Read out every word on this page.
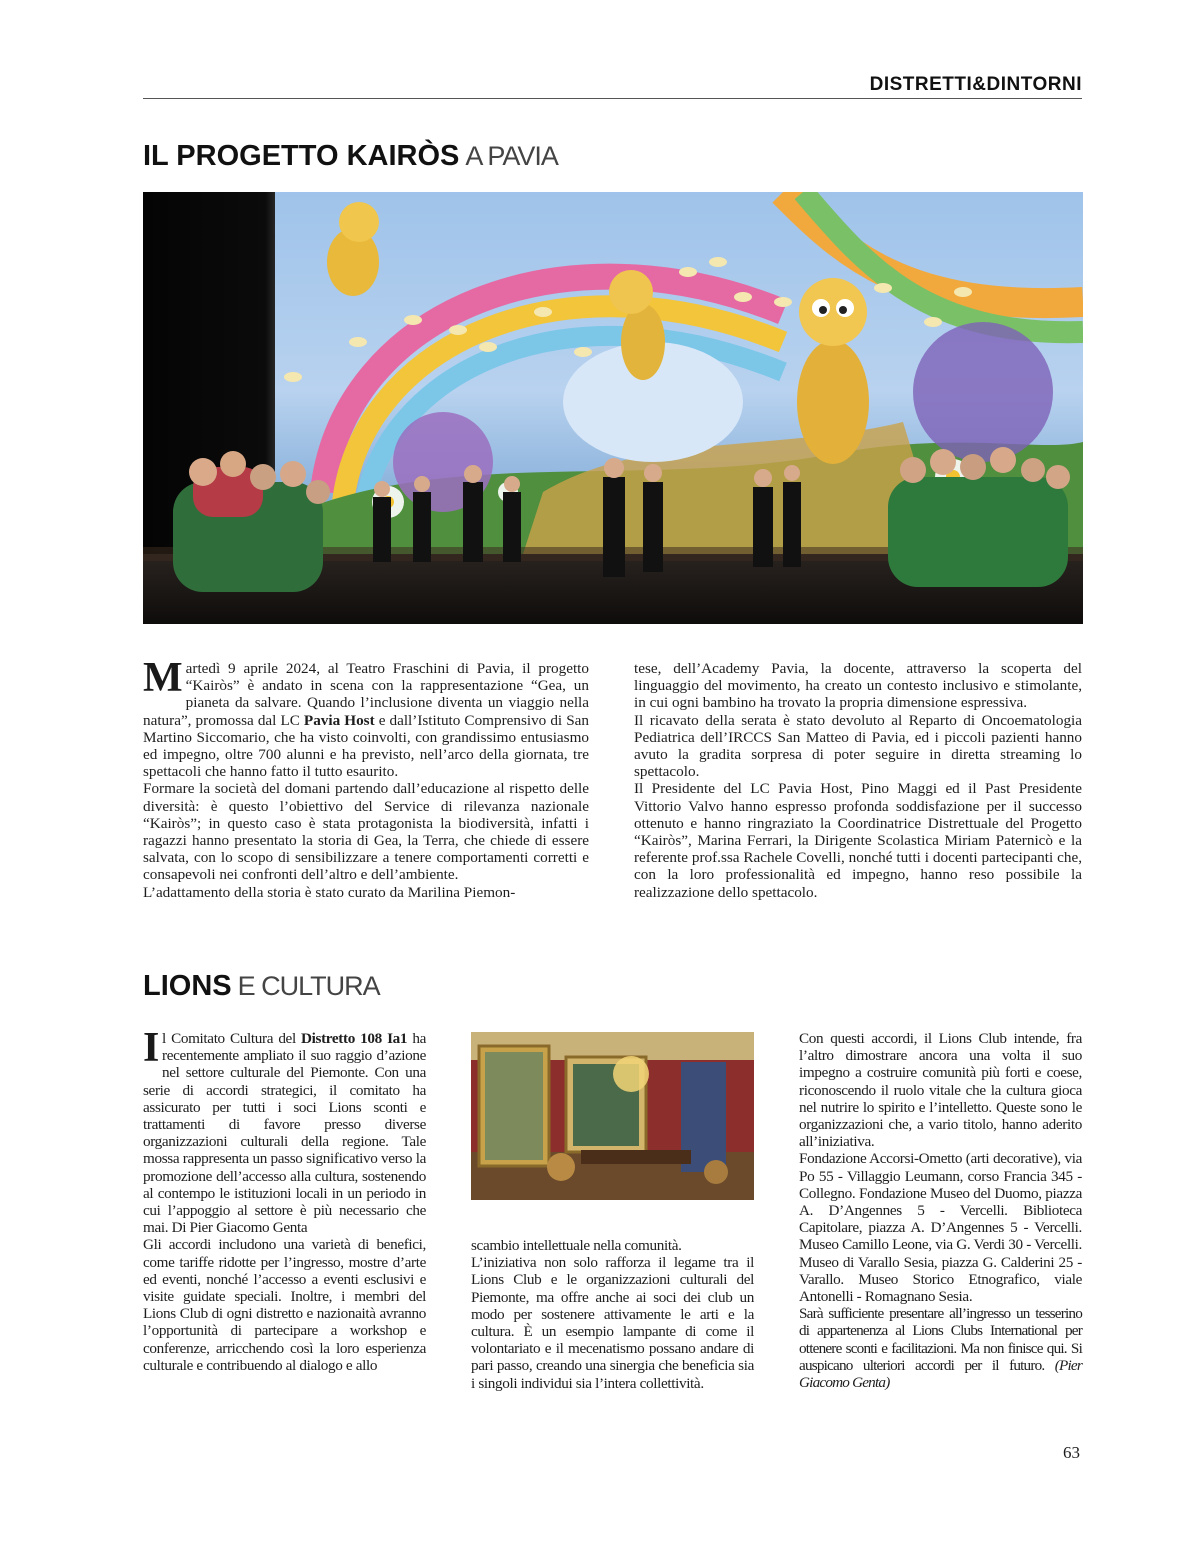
DISTRETTI&DINTORNI
IL PROGETTO KAIRÒS A PAVIA

Martedì 9 aprile 2024, al Teatro Fraschini di Pavia, il progetto “Kairòs” è andato in scena con la rappresentazione “Gea, un pianeta da salvare. Quando l’inclusione diventa un viaggio nella natura”, promossa dal LC Pavia Host e dall’Istituto Comprensivo di San Martino Siccomario, che ha visto coinvolti, con grandissimo entusiasmo ed impegno, oltre 700 alunni e ha previsto, nell’arco della giornata, tre spettacoli che hanno fatto il tutto esaurito.

Formare la società del domani partendo dall’educazione al rispetto delle diversità: è questo l’obiettivo del Service di rilevanza nazionale “Kairòs”; in questo caso è stata protagonista la biodiversità, infatti i ragazzi hanno presentato la storia di Gea, la Terra, che chiede di essere salvata, con lo scopo di sensibilizzare a tenere comportamenti corretti e consapevoli nei confronti dell’altro e dell’ambiente.

L’adattamento della storia è stato curato da Marilina Piemon-

tese, dell’Academy Pavia, la docente, attraverso la scoperta del linguaggio del movimento, ha creato un contesto inclusivo e stimolante, in cui ogni bambino ha trovato la propria dimensione espressiva.

Il ricavato della serata è stato devoluto al Reparto di Oncoematologia Pediatrica dell’IRCCS San Matteo di Pavia, ed i piccoli pazienti hanno avuto la gradita sorpresa di poter seguire in diretta streaming lo spettacolo.

Il Presidente del LC Pavia Host, Pino Maggi ed il Past Presidente Vittorio Valvo hanno espresso profonda soddisfazione per il successo ottenuto e hanno ringraziato la Coordinatrice Distrettuale del Progetto “Kairòs”, Marina Ferrari, la Dirigente Scolastica Miriam Paternicò e la referente prof.ssa Rachele Covelli, nonché tutti i docenti partecipanti che, con la loro professionalità ed impegno, hanno reso possibile la realizzazione dello spettacolo.

LIONS E CULTURA

Il Comitato Cultura del Distretto 108 Ia1 ha recentemente ampliato il suo raggio d’azione nel settore culturale del Piemonte. Con una serie di accordi strategici, il comitato ha assicurato per tutti i soci Lions sconti e trattamenti di favore presso diverse organizzazioni culturali della regione. Tale mossa rappresenta un passo significativo verso la promozione dell’accesso alla cultura, sostenendo al contempo le istituzioni locali in un periodo in cui l’appoggio al settore è più necessario che mai. Di Pier Giacomo Genta

Gli accordi includono una varietà di benefici, come tariffe ridotte per l’ingresso, mostre d’arte ed eventi, nonché l’accesso a eventi esclusivi e visite guidate speciali. Inoltre, i membri del Lions Club di ogni distretto e nazionaità avranno l’opportunità di partecipare a workshop e conferenze, arricchendo così la loro esperienza culturale e contribuendo al dialogo e allo

scambio intellettuale nella comunità.

L’iniziativa non solo rafforza il legame tra il Lions Club e le organizzazioni culturali del Piemonte, ma offre anche ai soci dei club un modo per sostenere attivamente le arti e la cultura. È un esempio lampante di come il volontariato e il mecenatismo possano andare di pari passo, creando una sinergia che beneficia sia i singoli individui sia l’intera collettività.

Con questi accordi, il Lions Club intende, fra l’altro dimostrare ancora una volta il suo impegno a costruire comunità più forti e coese, riconoscendo il ruolo vitale che la cultura gioca nel nutrire lo spirito e l’intelletto. Queste sono le organizzazioni che, a vario titolo, hanno aderito all’iniziativa.

Fondazione Accorsi-Ometto (arti decorative), via Po 55 - Villaggio Leumann, corso Francia 345 - Collegno. Fondazione Museo del Duomo, piazza A. D’Angennes 5 - Vercelli. Biblioteca Capitolare, piazza A. D’Angennes 5 - Vercelli. Museo Camillo Leone, via G. Verdi 30 - Vercelli. Museo di Varallo Sesia, piazza G. Calderini 25 - Varallo. Museo Storico Etnografico, viale Antonelli - Romagnano Sesia.

Sarà sufficiente presentare all’ingresso un tesserino di appartenenza al Lions Clubs International per ottenere sconti e facilitazioni. Ma non finisce qui. Si auspicano ulteriori accordi per il futuro. (Pier Giacomo Genta)

63
